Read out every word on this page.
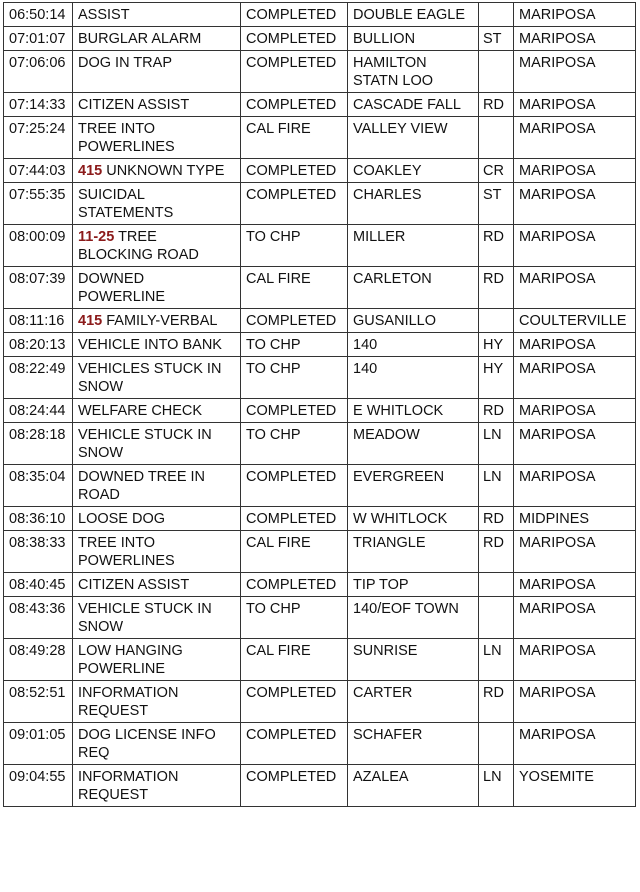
06:50:14	ASSIST	COMPLETED	DOUBLE EAGLE		MARIPOSA
07:01:07	BURGLAR ALARM	COMPLETED	BULLION	ST	MARIPOSA
07:06:06	DOG IN TRAP	COMPLETED	HAMILTON STATN LOO		MARIPOSA
07:14:33	CITIZEN ASSIST	COMPLETED	CASCADE FALL	RD	MARIPOSA
07:25:24	TREE INTO POWERLINES	CAL FIRE	VALLEY VIEW		MARIPOSA
07:44:03	415 UNKNOWN TYPE	COMPLETED	COAKLEY	CR	MARIPOSA
07:55:35	SUICIDAL STATEMENTS	COMPLETED	CHARLES	ST	MARIPOSA
08:00:09	11-25 TREE BLOCKING ROAD	TO CHP	MILLER	RD	MARIPOSA
08:07:39	DOWNED POWERLINE	CAL FIRE	CARLETON	RD	MARIPOSA
08:11:16	415 FAMILY-VERBAL	COMPLETED	GUSANILLO		COULTERVILLE
08:20:13	VEHICLE INTO BANK	TO CHP	140	HY	MARIPOSA
08:22:49	VEHICLES STUCK IN SNOW	TO CHP	140	HY	MARIPOSA
08:24:44	WELFARE CHECK	COMPLETED	E WHITLOCK	RD	MARIPOSA
08:28:18	VEHICLE STUCK IN SNOW	TO CHP	MEADOW	LN	MARIPOSA
08:35:04	DOWNED TREE IN ROAD	COMPLETED	EVERGREEN	LN	MARIPOSA
08:36:10	LOOSE DOG	COMPLETED	W WHITLOCK	RD	MIDPINES
08:38:33	TREE INTO POWERLINES	CAL FIRE	TRIANGLE	RD	MARIPOSA
08:40:45	CITIZEN ASSIST	COMPLETED	TIP TOP		MARIPOSA
08:43:36	VEHICLE STUCK IN SNOW	TO CHP	140/EOF TOWN		MARIPOSA
08:49:28	LOW HANGING POWERLINE	CAL FIRE	SUNRISE	LN	MARIPOSA
08:52:51	INFORMATION REQUEST	COMPLETED	CARTER	RD	MARIPOSA
09:01:05	DOG LICENSE INFO REQ	COMPLETED	SCHAFER		MARIPOSA
09:04:55	INFORMATION REQUEST	COMPLETED	AZALEA	LN	YOSEMITE
